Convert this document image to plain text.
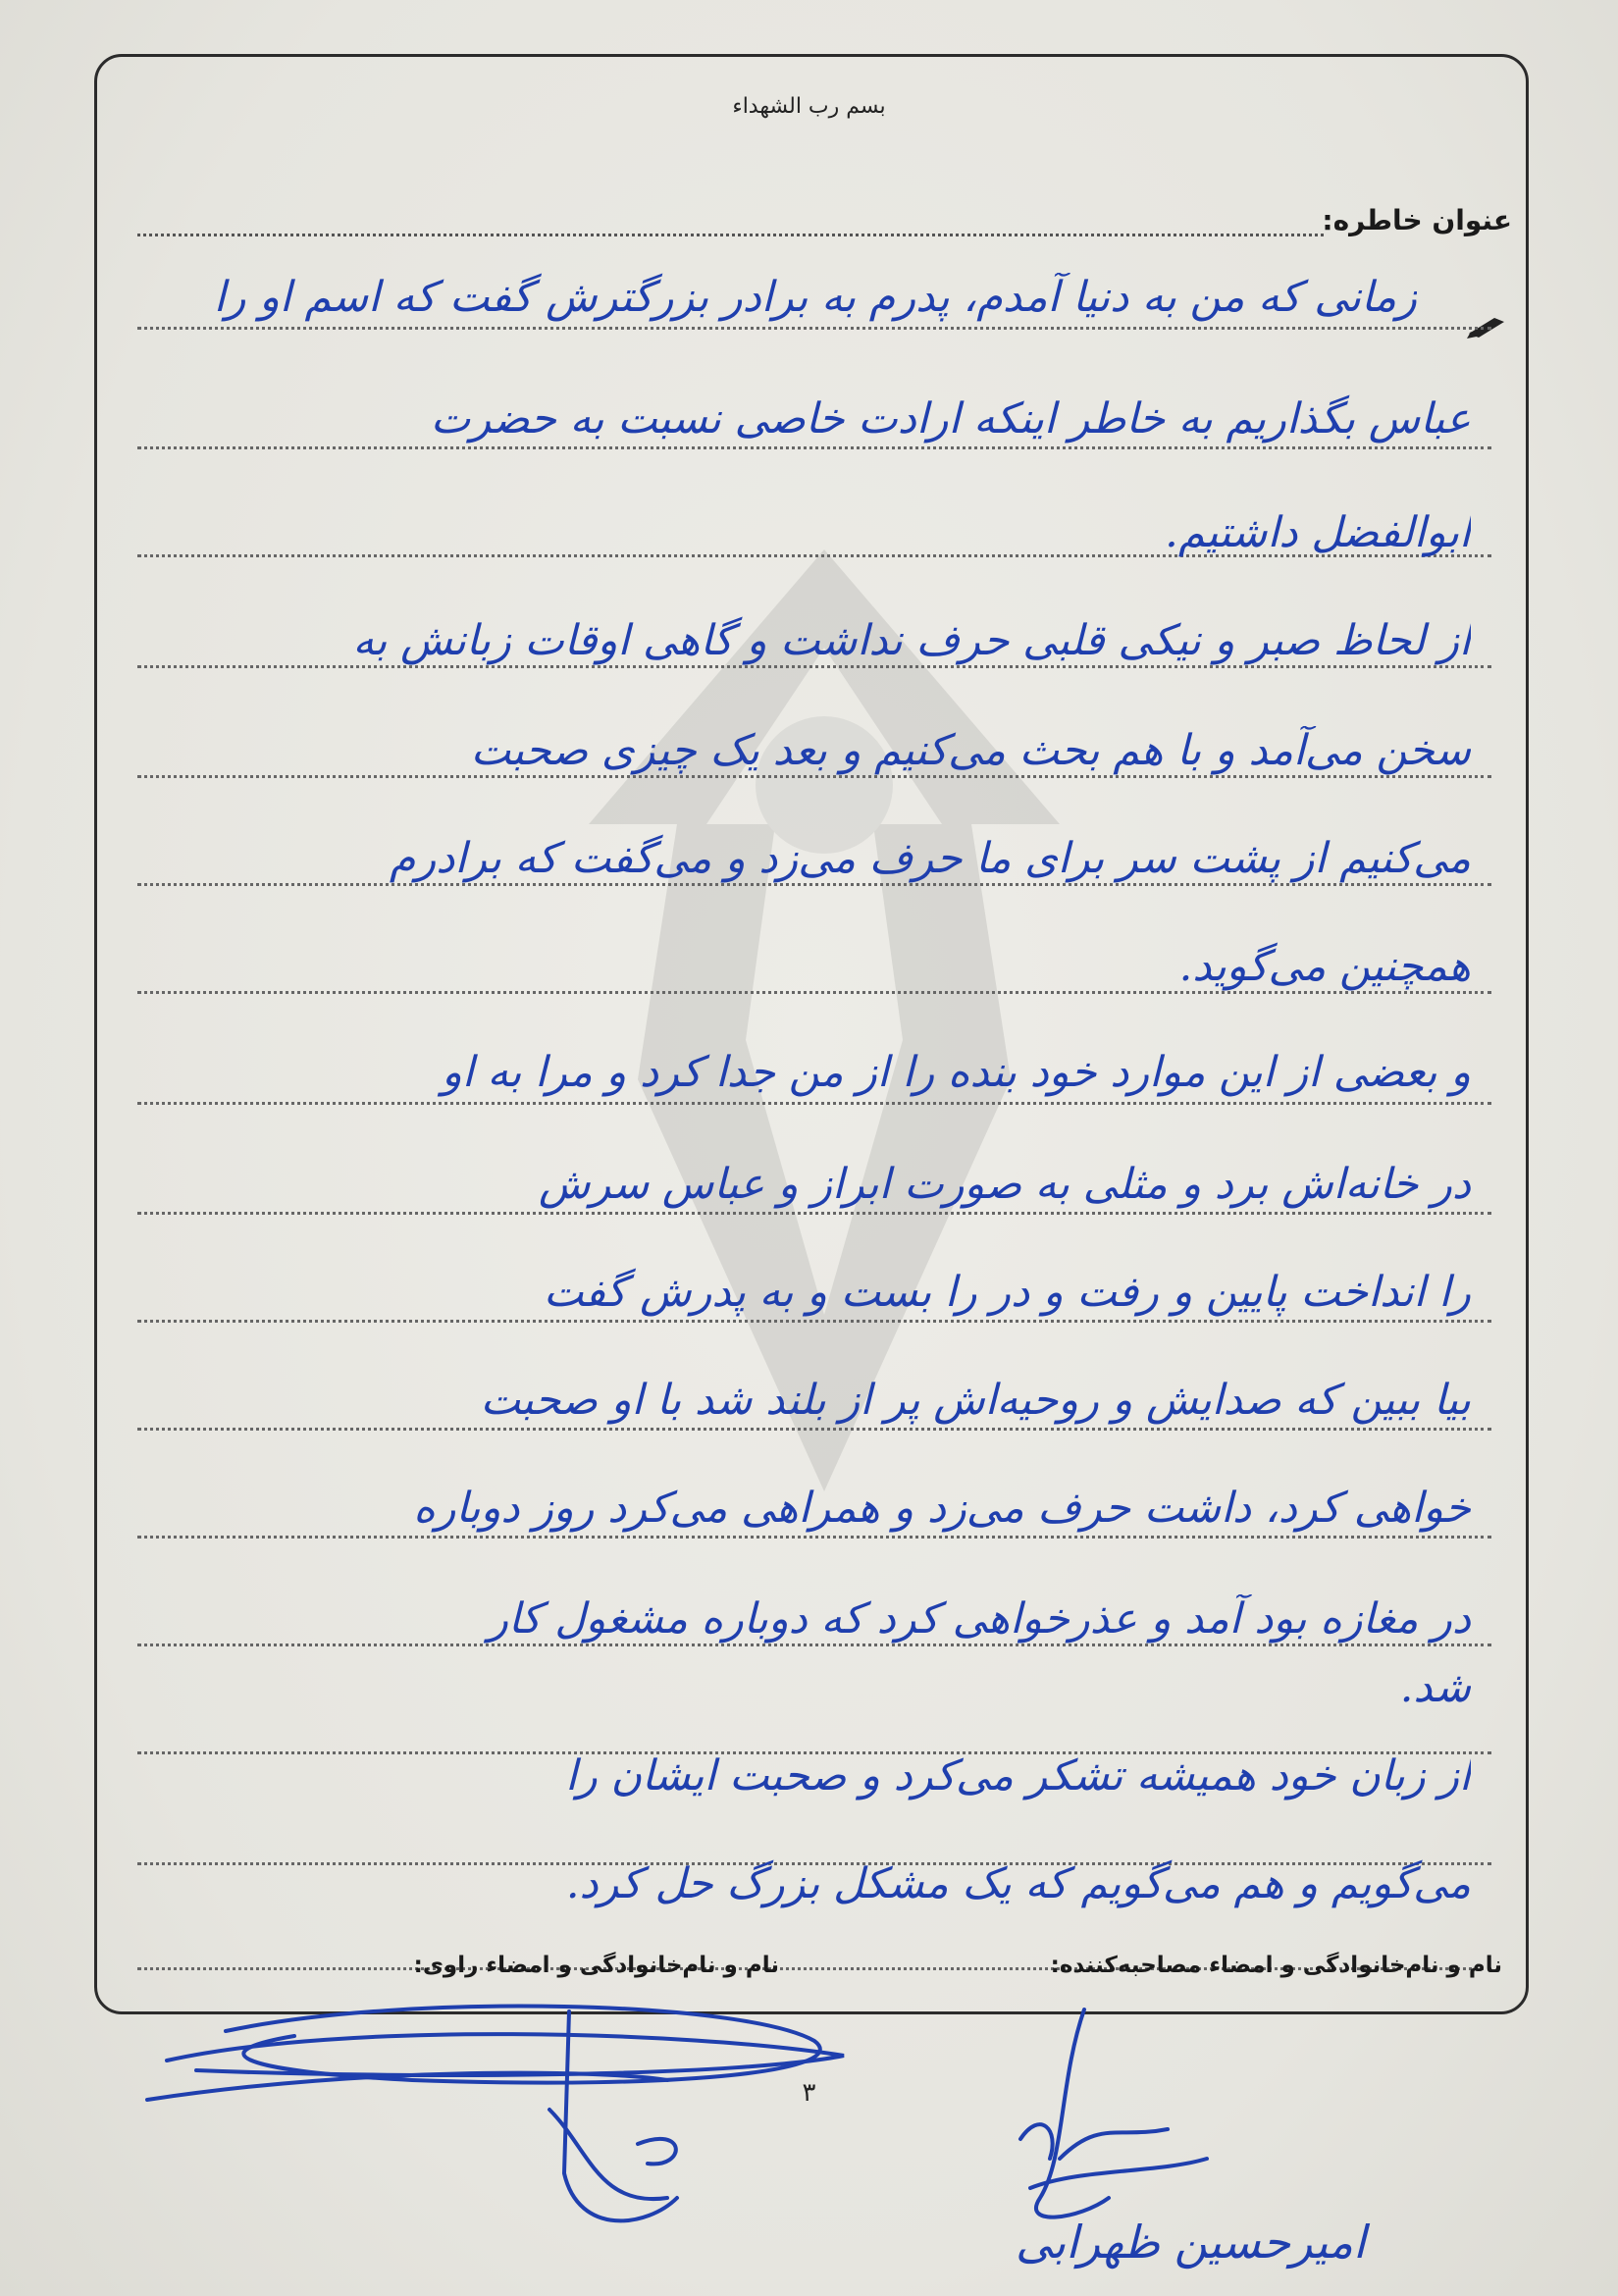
بسم رب الشهداء
عنوان خاطره:
زمانی که من به دنیا آمدم، پدرم به برادر بزرگترش گفت که اسم او را
عباس بگذاریم به خاطر اینکه ارادت خاصی نسبت به حضرت
ابوالفضل داشتیم.
از لحاظ صبر و نیکی قلبی حرف نداشت و گاهی اوقات زبانش به
سخن می‌آمد و با هم بحث می‌کنیم و بعد یک چیزی صحبت
می‌کنیم از پشت سر برای ما حرف می‌زد و می‌گفت که برادرم
همچنین می‌گوید.
و بعضی از این موارد خود بنده را از من جدا کرد و مرا به او
در خانه‌اش برد و مثلی به صورت ابراز و عباس سرش
را انداخت پایین و رفت و در را بست و به پدرش گفت
بیا ببین که صدایش و روحیه‌اش پر از بلند شد با او صحبت
خواهی کرد، داشت حرف می‌زد و همراهی می‌کرد روز دوباره
در مغازه بود آمد و عذرخواهی کرد که دوباره مشغول کار
شد.
از زبان خود همیشه تشکر می‌کرد و صحبت ایشان را
می‌گویم و هم می‌گویم که یک مشکل بزرگ حل کرد.
نام و نام‌خانوادگی و امضاء مصاحبه‌کننده:
نام و نام‌خانوادگی و امضاء راوی:
۳
امیرحسین ظهرابی
